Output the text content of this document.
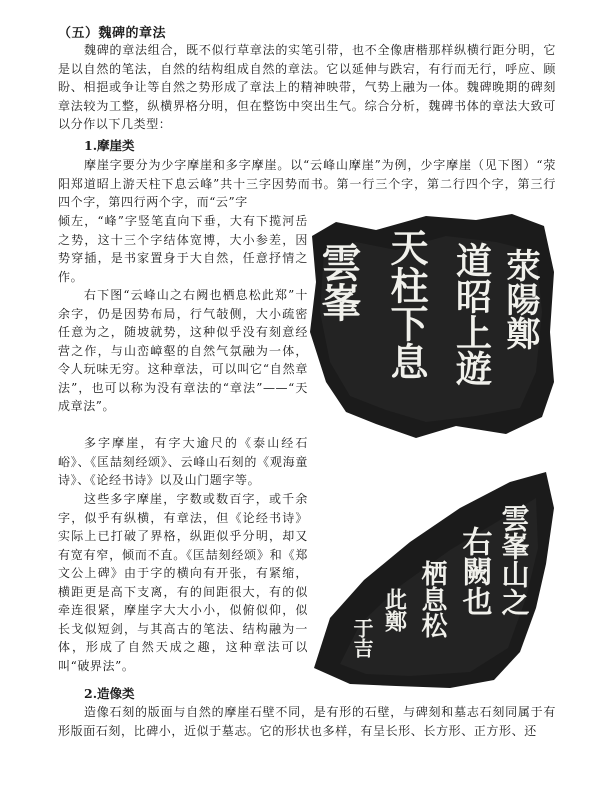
（五）魏碑的章法
魏碑的章法组合，既不似行草章法的实笔引带，也不全像唐楷那样纵横行距分明，它是以自然的笔法，自然的结构组成自然的章法。它以延伸与跌宕，有行而无行，呼应、顾盼、相挹或争让等自然之势形成了章法上的精神映带，气势上融为一体。魏碑晚期的碑刻章法较为工整，纵横界格分明，但在整饬中突出生气。综合分析，魏碑书体的章法大致可以分作以下几类型：
1.摩崖类
摩崖字要分为少字摩崖和多字摩崖。以“云峰山摩崖”为例，少字摩崖（见下图）“荥阳郑道昭上游天柱下息云峰”共十三字因势而书。第一行三个字，第二行四个字，第三行四个字，第四行两个字，而“云”字
倾左，“峰”字竖笔直向下垂，大有下揽河岳之势，这十三个字结体宽博，大小参差，因势穿插，是书家置身于大自然，任意抒情之作。
右下图“云峰山之右阙也栖息松此郑”十余字，仍是因势布局，行气敧侧，大小疏密任意为之，随坡就势，这种似乎没有刻意经营之作，与山峦嶂壑的自然气氛融为一体，令人玩味无穷。这种章法，可以叫它“自然章法”，也可以称为没有章法的“章法”——“天成章法”。
多字摩崖，有字大逾尺的《泰山经石峪》、《匡喆刻经颂》、云峰山石刻的《观海童诗》、《论经书诗》以及山门题字等。
这些多字摩崖，字数或数百字，或千余字，似乎有纵横，有章法，但《论经书诗》实际上已打破了界格，纵距似乎分明，却又有宽有窄，倾而不直。《匡喆刻经颂》和《郑文公上碑》由于字的横向有开张，有紧缩，横距更是高下支离，有的间距很大，有的似牵连很紧，摩崖字大大小小，似俯似仰，似长戈似短剑，与其高古的笔法、结构融为一体，形成了自然天成之趣，这种章法可以叫“破界法”。
2.造像类
造像石刻的版面与自然的摩崖石壁不同，是有形的石壁，与碑刻和墓志石刻同属于有形版面石刻，比碑小，近似于墓志。它的形状也多样，有呈长形、长方形、正方形、还
荥陽鄭
道昭上遊
天柱下息
雲峯
雲峯山之
右闕也
栖息松
此鄭
于吉
